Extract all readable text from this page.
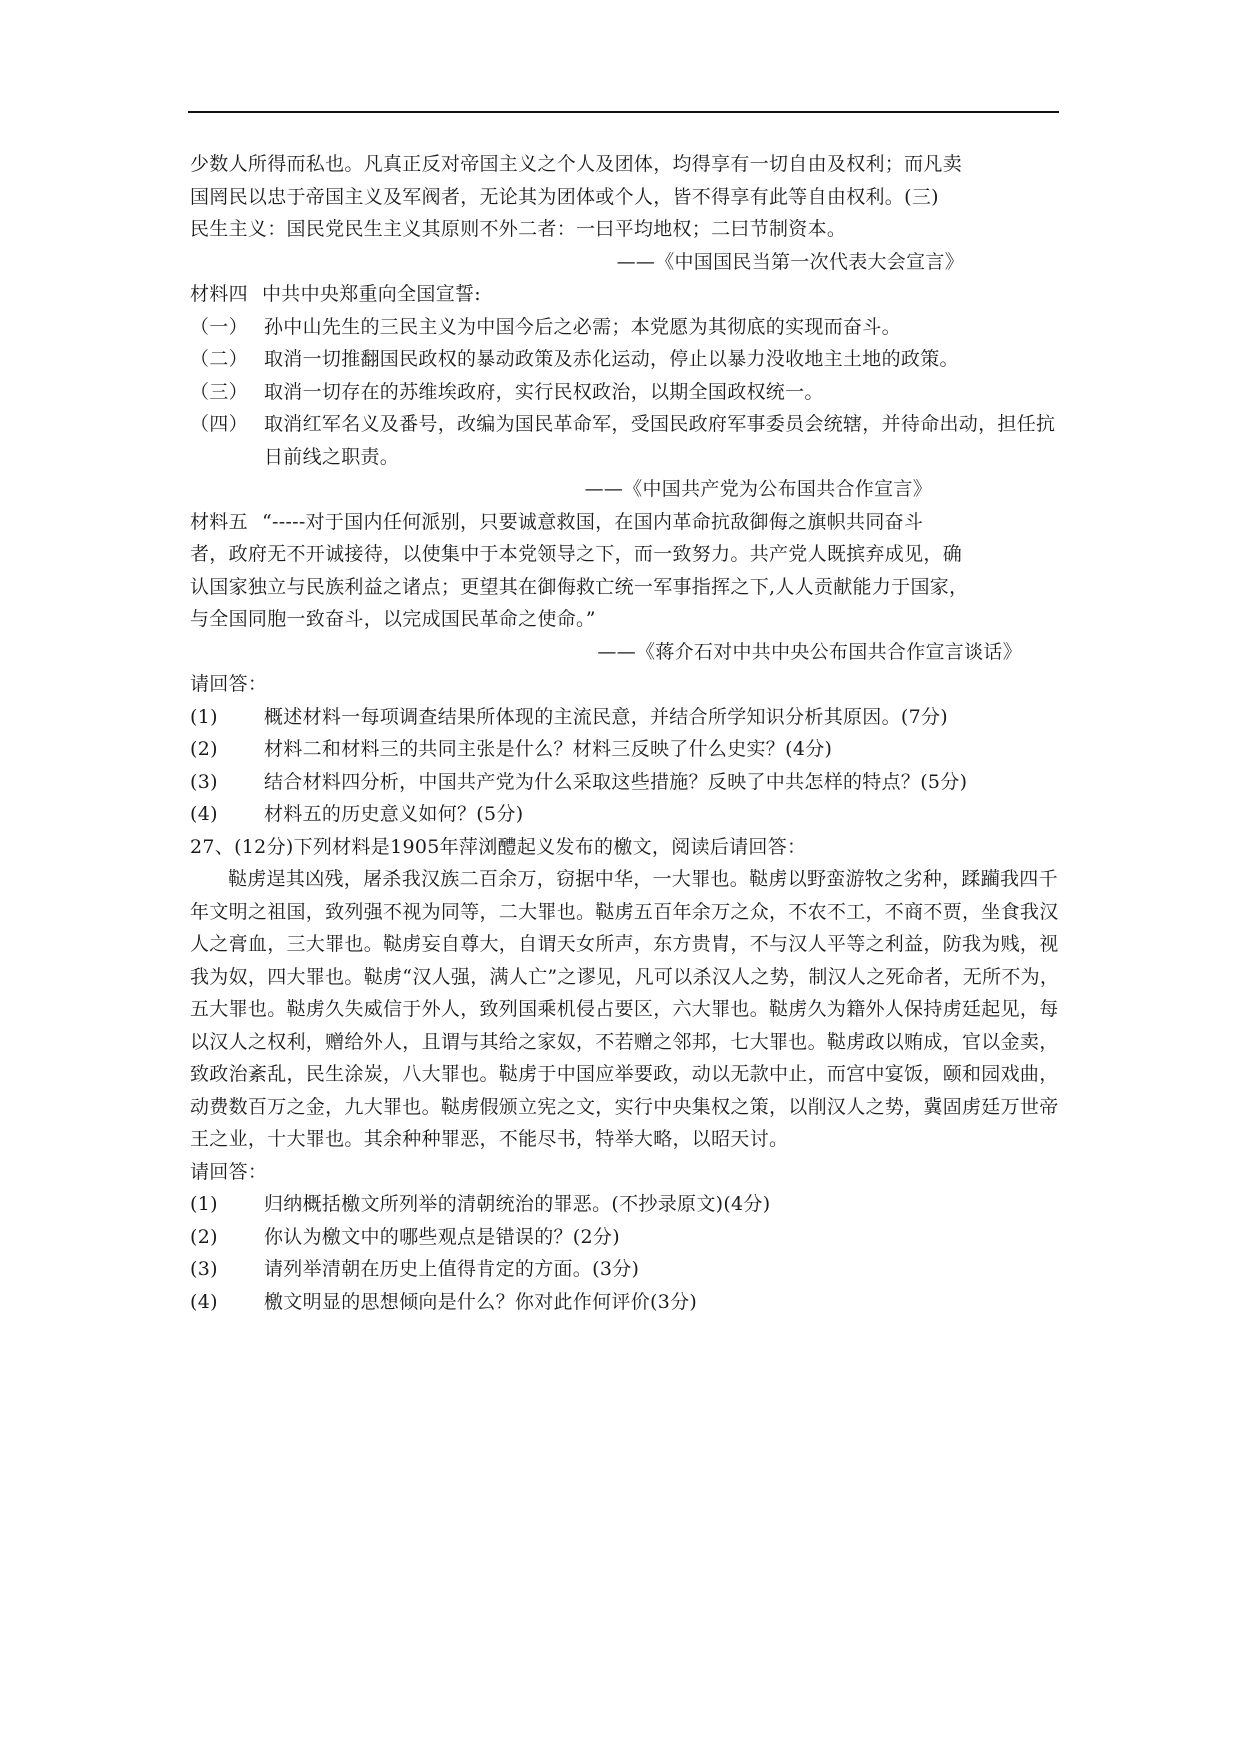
少数人所得而私也。凡真正反对帝国主义之个人及团体，均得享有一切自由及权利；而凡卖

国罔民以忠于帝国主义及军阀者，无论其为团体或个人，皆不得享有此等自由权利。(三)

民生主义：国民党民生主义其原则不外二者：一曰平均地权；二曰节制资本。

——《中国国民当第一次代表大会宣言》

材料四 中共中央郑重向全国宣誓:

（一） 孙中山先生的三民主义为中国今后之必需；本党愿为其彻底的实现而奋斗。
（二） 取消一切推翻国民政权的暴动政策及赤化运动，停止以暴力没收地主土地的政策。
（三） 取消一切存在的苏维埃政府，实行民权政治，以期全国政权统一。
（四） 取消红军名义及番号，改编为国民革命军，受国民政府军事委员会统辖，并待命出动，担任抗日前线之职责。

——《中国共产党为公布国共合作宣言》

材料五 “-----对于国内任何派别，只要诚意救国，在国内革命抗敌御侮之旗帜共同奋斗

者，政府无不开诚接待，以使集中于本党领导之下，而一致努力。共产党人既摈弃成见，确

认国家独立与民族利益之诸点；更望其在御侮救亡统一军事指挥之下,人人贡献能力于国家，

与全国同胞一致奋斗，以完成国民革命之使命。”

——《蒋介石对中共中央公布国共合作宣言谈话》

请回答：

(1)	概述材料一每项调查结果所体现的主流民意，并结合所学知识分析其原因。(7分)
(2)	材料二和材料三的共同主张是什么？材料三反映了什么史实？(4分)
(3)	结合材料四分析，中国共产党为什么采取这些措施？反映了中共怎样的特点？(5分)
(4)	材料五的历史意义如何？(5分)

27、(12分)下列材料是1905年萍浏醴起义发布的檄文，阅读后请回答：

鞑虏逞其凶残，屠杀我汉族二百余万，窃据中华，一大罪也。鞑虏以野蛮游牧之劣种，蹂躏我四千年文明之祖国，致列强不视为同等，二大罪也。鞑虏五百年余万之众，不农不工，不商不贾，坐食我汉人之膏血，三大罪也。鞑虏妄自尊大，自谓天女所声，东方贵胄，不与汉人平等之利益，防我为贱，视我为奴，四大罪也。鞑虏“汉人强，满人亡”之谬见，凡可以杀汉人之势，制汉人之死命者，无所不为，五大罪也。鞑虏久失威信于外人，致列国乘机侵占要区，六大罪也。鞑虏久为籍外人保持虏廷起见，每以汉人之权利，赠给外人，且谓与其给之家奴，不若赠之邻邦，七大罪也。鞑虏政以贿成，官以金卖，致政治紊乱，民生涂炭，八大罪也。鞑虏于中国应举要政，动以无款中止，而宫中宴饭，颐和园戏曲，动费数百万之金，九大罪也。鞑虏假颁立宪之文，实行中央集权之策，以削汉人之势，冀固虏廷万世帝王之业，十大罪也。其余种种罪恶，不能尽书，特举大略，以昭天讨。

请回答：

(1)	归纳概括檄文所列举的清朝统治的罪恶。(不抄录原文)(4分)
(2)	你认为檄文中的哪些观点是错误的？(2分)
(3)	请列举清朝在历史上值得肯定的方面。(3分)
(4)	檄文明显的思想倾向是什么？你对此作何评价(3分)
